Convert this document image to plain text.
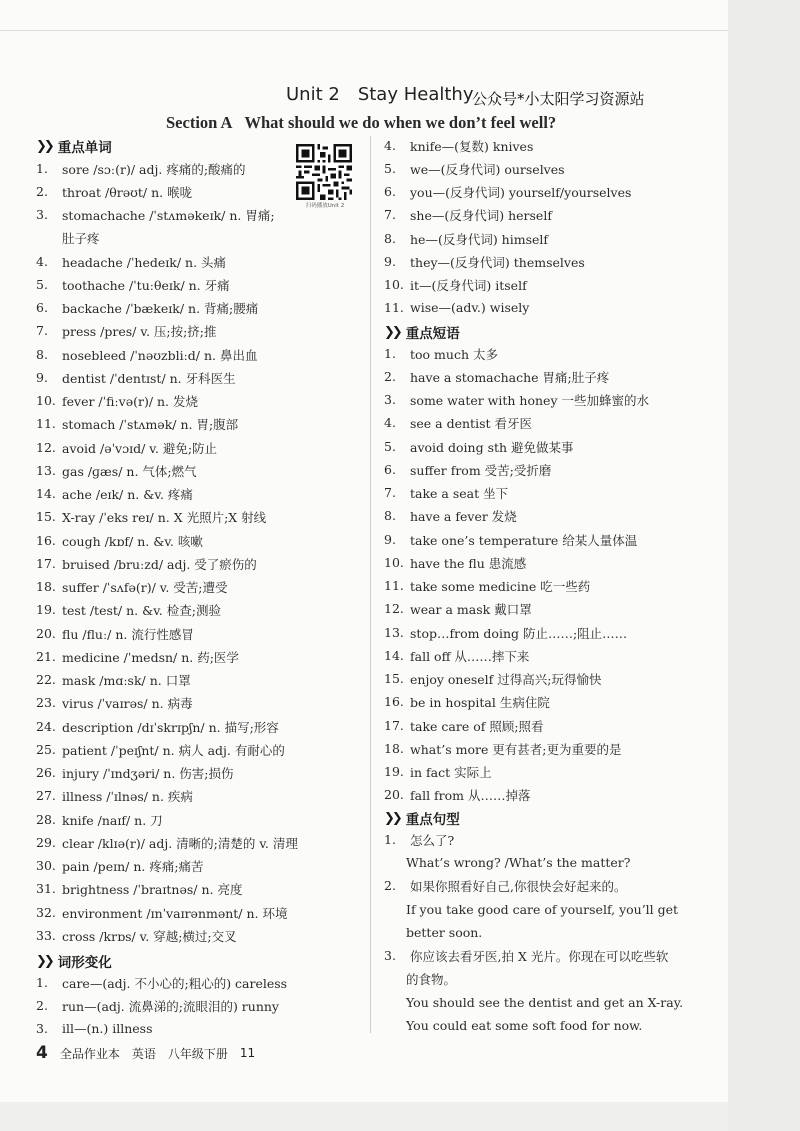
Unit 2 Stay Healthy
公众号*小太阳学习资源站
Section A What should we do when we don’t feel well?
扫码播放Unit 2
❯❯ 重点单词
1.	sore /sɔː(r)/ adj. 疼痛的;酸痛的
2.	throat /θrəʊt/ n. 喉咙
3.	stomachache /ˈstʌməkeɪk/ n. 胃痛;
肚子疼
4.	headache /ˈhedeɪk/ n. 头痛
5.	toothache /ˈtuːθeɪk/ n. 牙痛
6.	backache /ˈbækeɪk/ n. 背痛;腰痛
7.	press /pres/ v. 压;按;挤;推
8.	nosebleed /ˈnəʊzbliːd/ n. 鼻出血
9.	dentist /ˈdentɪst/ n. 牙科医生
10. fever /ˈfiːvə(r)/ n. 发烧
11. stomach /ˈstʌmək/ n. 胃;腹部
12. avoid /əˈvɔɪd/ v. 避免;防止
13. gas /ɡæs/ n. 气体;燃气
14. ache /eɪk/ n. &v. 疼痛
15. X-ray /ˈeks reɪ/ n. X 光照片;X 射线
16. cough /kɒf/ n. &v. 咳嗽
17. bruised /bruːzd/ adj. 受了瘀伤的
18. suffer /ˈsʌfə(r)/ v. 受苦;遭受
19. test /test/ n. &v. 检查;测验
20. flu /fluː/ n. 流行性感冒
21. medicine /ˈmedsn/ n. 药;医学
22. mask /mɑːsk/ n. 口罩
23. virus /ˈvaɪrəs/ n. 病毒
24. description /dɪˈskrɪpʃn/ n. 描写;形容
25. patient /ˈpeɪʃnt/ n. 病人 adj. 有耐心的
26. injury /ˈɪndʒəri/ n. 伤害;损伤
27. illness /ˈɪlnəs/ n. 疾病
28. knife /naɪf/ n. 刀
29. clear /klɪə(r)/ adj. 清晰的;清楚的 v. 清理
30. pain /peɪn/ n. 疼痛;痛苦
31. brightness /ˈbraɪtnəs/ n. 亮度
32. environment /ɪnˈvaɪrənmənt/ n. 环境
33. cross /krɒs/ v. 穿越;横过;交叉
❯❯ 词形变化
1.	care—(adj. 不小心的;粗心的) careless
2.	run—(adj. 流鼻涕的;流眼泪的) runny
3.	ill—(n.) illness
4.	knife—(复数) knives
5.	we—(反身代词) ourselves
6.	you—(反身代词) yourself/yourselves
7.	she—(反身代词) herself
8.	he—(反身代词) himself
9.	they—(反身代词) themselves
10. it—(反身代词) itself
11. wise—(adv.) wisely
❯❯ 重点短语
1.	too much 太多
2.	have a stomachache 胃痛;肚子疼
3.	some water with honey 一些加蜂蜜的水
4.	see a dentist 看牙医
5.	avoid doing sth 避免做某事
6.	suffer from 受苦;受折磨
7.	take a seat 坐下
8.	have a fever 发烧
9.	take one’s temperature 给某人量体温
10. have the flu 患流感
11. take some medicine 吃一些药
12. wear a mask 戴口罩
13. stop…from doing 防止……;阻止……
14. fall off 从……摔下来
15. enjoy oneself 过得高兴;玩得愉快
16. be in hospital 生病住院
17. take care of 照顾;照看
18. what’s more 更有甚者;更为重要的是
19. in fact 实际上
20. fall from 从……掉落
❯❯ 重点句型
1.	怎么了?
What’s wrong? /What’s the matter?
2.	如果你照看好自己,你很快会好起来的。
If you take good care of yourself, you’ll get
better soon.
3.	你应该去看牙医,拍 X 光片。你现在可以吃些软
的食物。
You should see the dentist and get an X-ray.
You could eat some soft food for now.
4 全品作业本 英语 八年级下册 11
